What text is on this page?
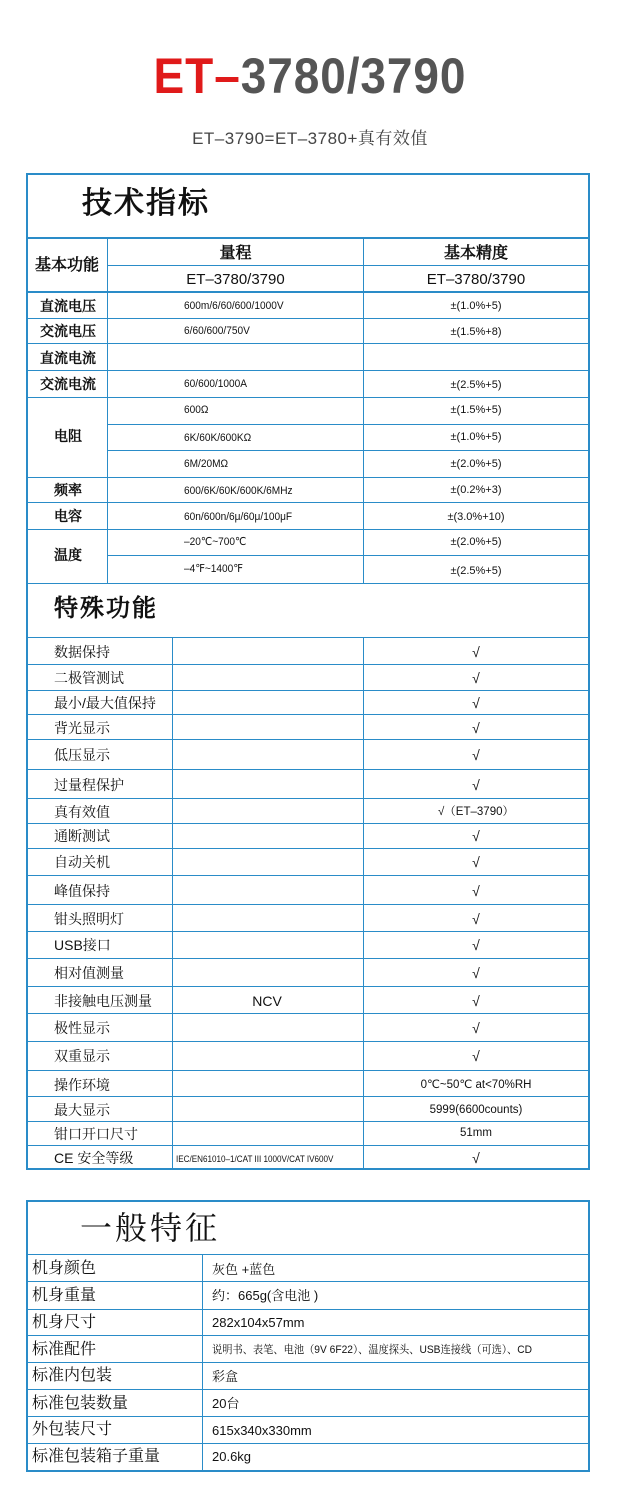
ET–3780/3790
ET–3790=ET–3780+真有效值
技术指标
基本功能
量程	基本精度
ET–3780/3790	ET–3780/3790
直流电压	600m/6/60/600/1000V	±(1.0%+5)
交流电压	6/60/600/750V	±(1.5%+8)
直流电流
交流电流	60/600/1000A	±(2.5%+5)
电阻
600Ω	±(1.5%+5)
6K/60K/600KΩ	±(1.0%+5)
6M/20MΩ	±(2.0%+5)
频率	600/6K/60K/600K/6MHz	±(0.2%+3)
电容	60n/600n/6μ/60μ/100μF	±(3.0%+10)
温度
–20℃~700℃	±(2.0%+5)
–4℉~1400℉	±(2.5%+5)
特殊功能
数据保持	√
二极管测试	√
最小/最大值保持	√
背光显示	√
低压显示	√
过量程保护	√
真有效值	√（ET–3790）
通断测试	√
自动关机	√
峰值保持	√
钳头照明灯	√
USB接口	√
相对值测量	√
非接触电压测量	NCV	√
极性显示	√
双重显示	√
操作环境	0℃~50℃ at<70%RH
最大显示	5999(6600counts)
钳口开口尺寸	51mm
CE 安全等级	IEC/EN61010–1/CAT III 1000V/CAT IV600V	√
一般特征
机身颜色	灰色 +蓝色
机身重量	约：665g(含电池 )
机身尺寸	282x104x57mm
标准配件	说明书、表笔、电池（9V 6F22）、温度探头、USB连接线（可选）、CD
标准内包装	彩盒
标准包装数量	20台
外包装尺寸	615x340x330mm
标准包装箱子重量	20.6kg
